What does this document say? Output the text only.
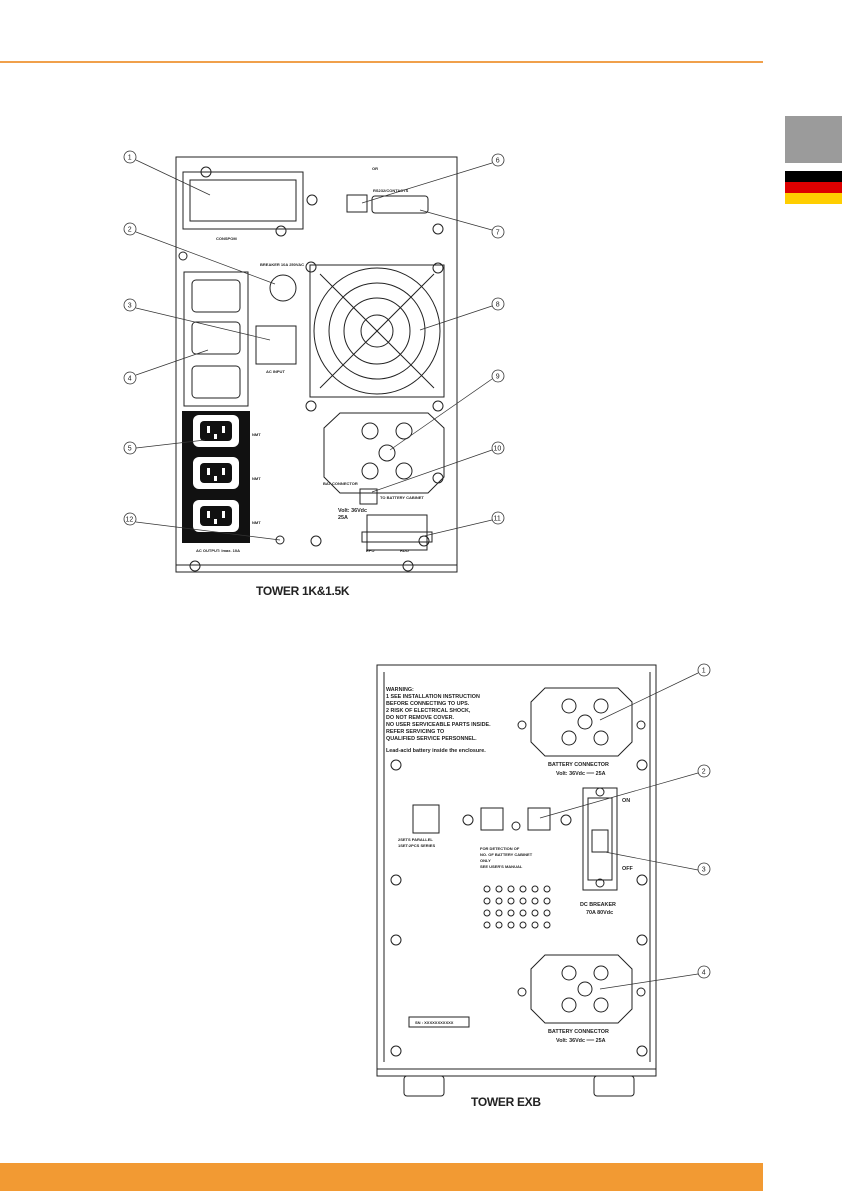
1
2
3
4
5
12
6
7
8
9
10
11
OR
RS232/CONTACTS
CONSPOM
BREAKER 10A 250VAC
AC INPUT
BAT CONNECTOR
TO BATTERY CABINET
Volt: 36Vdc
25A
EPO	RDO
AC OUTPUT: Imax. 10A
NMT
NMT
NMT
TOWER 1K&1.5K
1
2
3
4
WARNING:
1 SEE INSTALLATION INSTRUCTION
BEFORE CONNECTING TO UPS.
2 RISK OF ELECTRICAL SHOCK,
DO NOT REMOVE COVER.
NO USER SERVICEABLE PARTS INSIDE.
REFER SERVICING TO
QUALIFIED SERVICE PERSONNEL.
Lead-acid battery inside the enclosure.
BATTERY CONNECTOR
Volt: 36Vdc ══ 25A
ON
OFF
DC BREAKER
70A 80Vdc
2SETS PARALLEL
1SET:2PCS SERIES
FOR DETECTION OF
NO. OF BATTERY CABINET
ONLY
SEE USER'S MANUAL
SN : XXXXXXXXXXX
BATTERY CONNECTOR
Volt: 36Vdc ══ 25A
TOWER EXB
